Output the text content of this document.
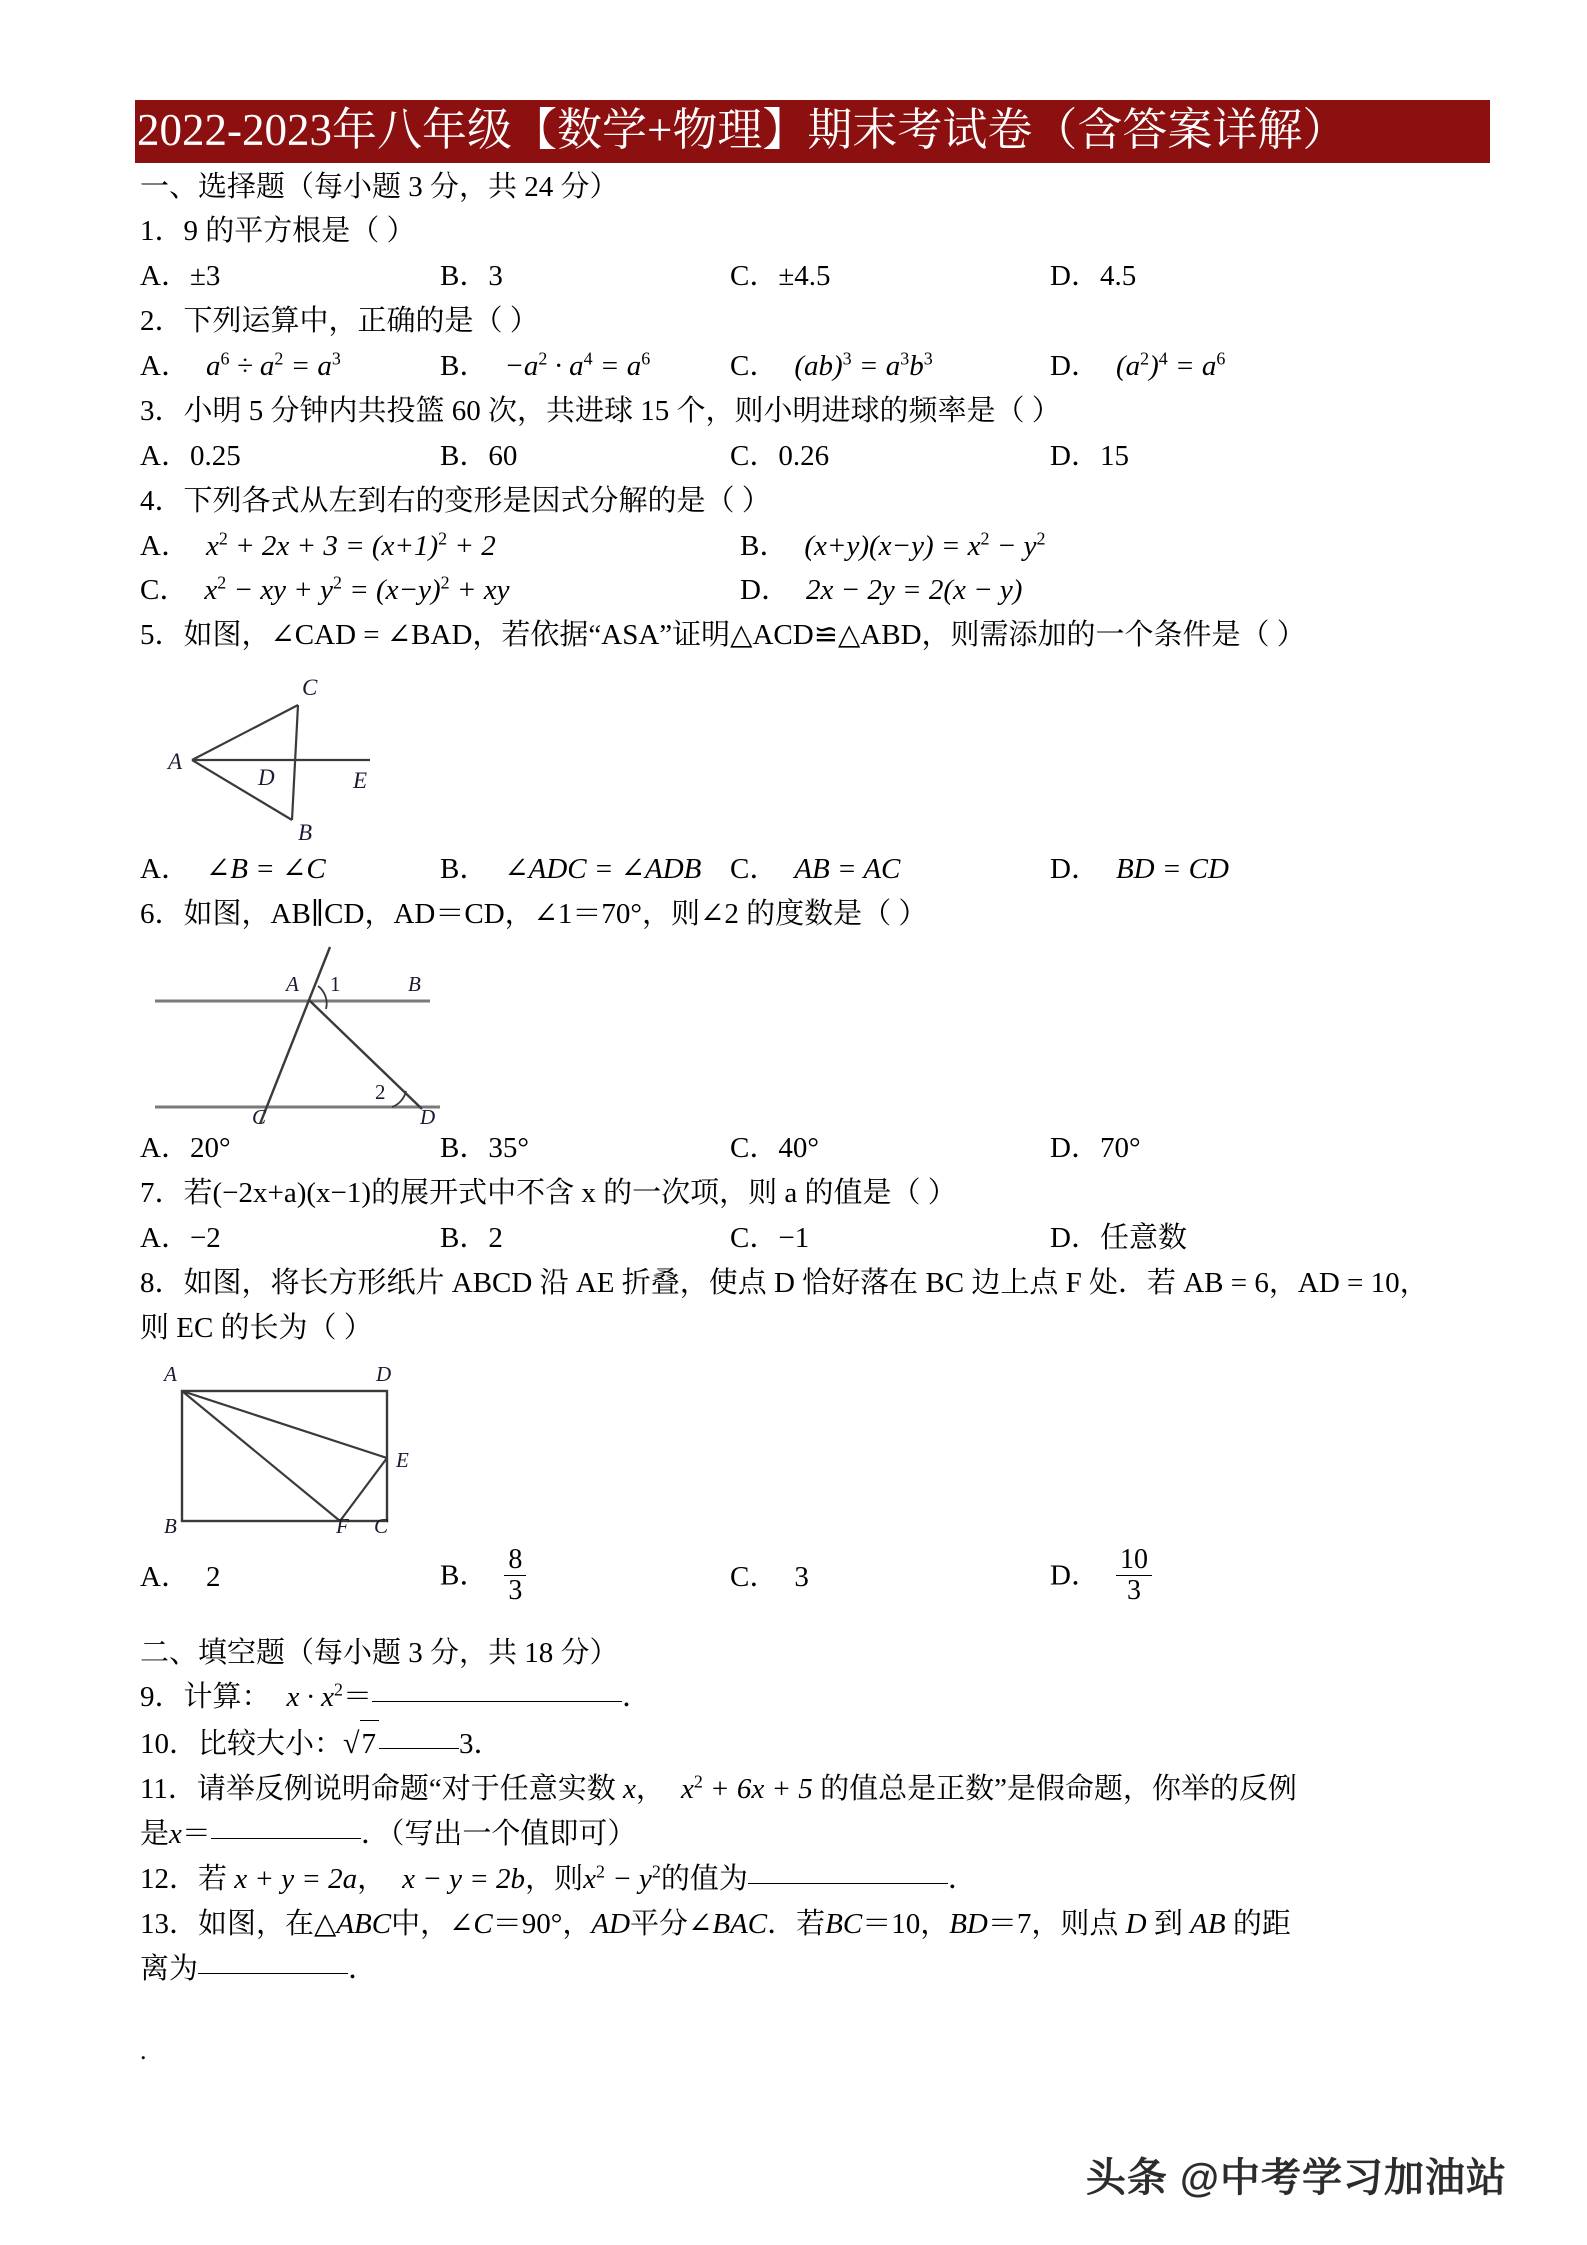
2022-2023年八年级【数学+物理】期末考试卷（含答案详解）
一、选择题（每小题 3 分，共 24 分）
1．9 的平方根是（ ）
A．±3	B．3	C．±4.5	D．4.5
2．下列运算中，正确的是（ ）
A． $a^6 \div a^2 = a^3$	B． $-a^2 \cdot a^4 = a^6$	C． $(ab)^3 = a^3b^3$	D． $(a^2)^4 = a^6$
3．小明 5 分钟内共投篮 60 次，共进球 15 个，则小明进球的频率是（ ）
A．0.25	B．60	C．0.26	D．15
4．下列各式从左到右的变形是因式分解的是（ ）
A． $x^2 + 2x + 3 = (x+1)^2 + 2$	B． $(x+y)(x-y) = x^2 - y^2$
C． $x^2$ − xy + $y^2 = (x-y)^2$ + xy	D． 2x − 2y = 2(x − y)
5．如图，∠CAD = ∠BAD，若依据“ASA”证明△ACD≌△ABD，则需添加的一个条件是（ ）
A
C
B
D	E
A． ∠B = ∠C	B． ∠ADC = ∠ADB C． AB = AC	D． BD = CD
6．如图，AB∥CD，AD＝CD，∠1＝70°，则∠2 的度数是（ ）
A 1	B
2
C	D
A．20°	B．35°	C．40°	D．70°
7．若(−2x+a)(x−1)的展开式中不含 x 的一次项，则 a 的值是（ ）
A．−2	B．2	C．−1	D．任意数
8．如图，将长方形纸片 ABCD 沿 AE 折叠，使点 D 恰好落在 BC 边上点 F 处．若 AB = 6，AD = 10，
则 EC 的长为（ ）
A	D
E
B	F C
A． 2	B． $\frac{8}{3}$	C． 3	D． $\frac{10}{3}$
二、填空题（每小题 3 分，共 18 分）
9．计算： $x \cdot x^2=$	．
10．比较大小：√7	3．
11．请举反例说明命题“对于任意实数 x， $x^2 + 6x + 5$ 的值总是正数”是假命题，你举的反例
是x＝	．（写出一个值即可）
12．若 x + y = 2a， x − y = 2b，则$x^2 - y^2$的值为	．
13．如图，在△ABC中，∠C＝90°，AD平分∠BAC．若BC＝10，BD＝7，则点 D 到 AB 的距
离为	．
.
头条 @中考学习加油站
